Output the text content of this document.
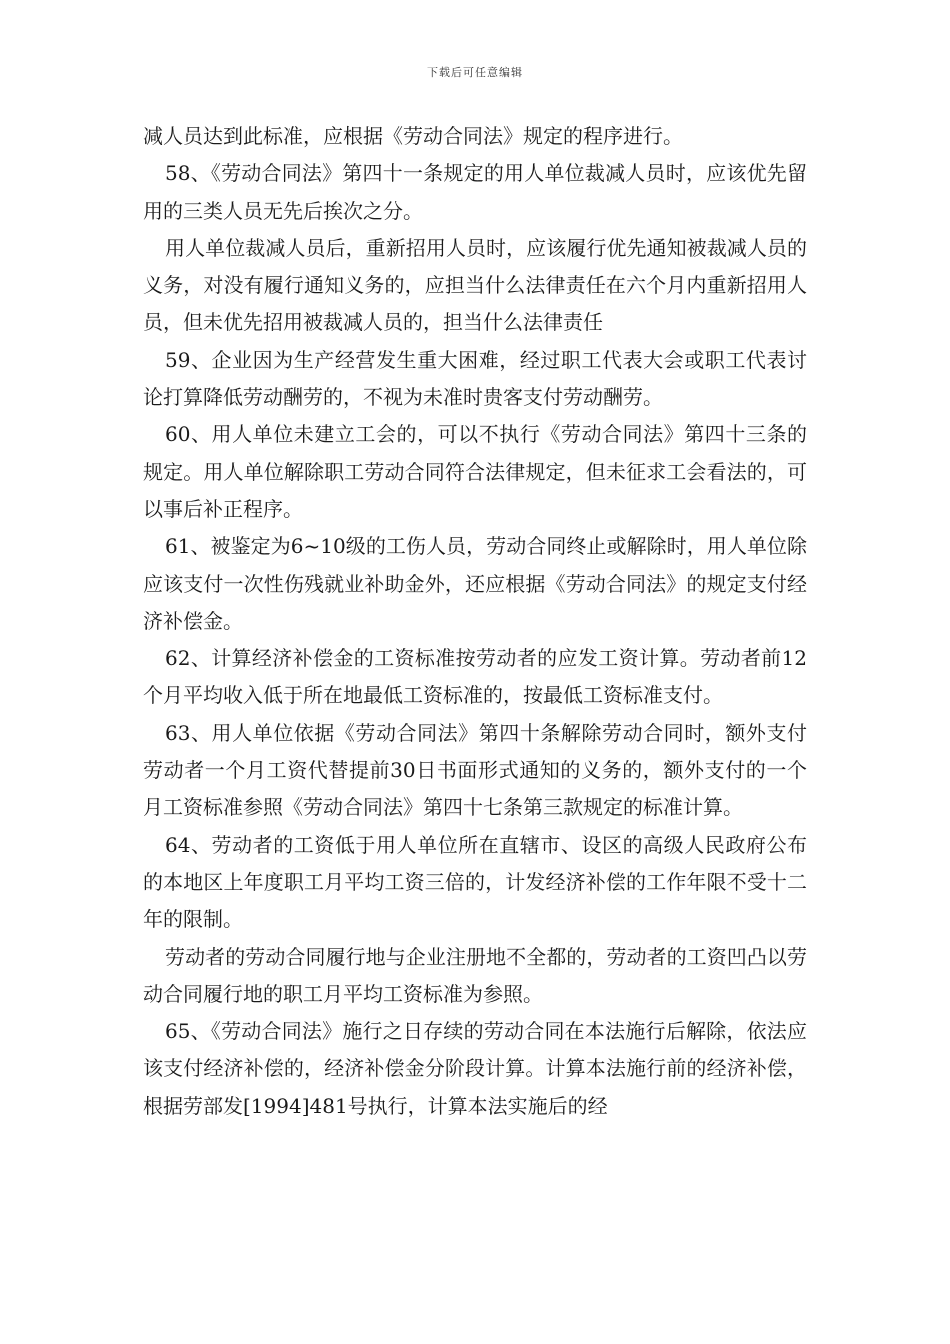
下载后可任意编辑

减人员达到此标准，应根据《劳动合同法》规定的程序进行。

58、《劳动合同法》第四十一条规定的用人单位裁减人员时，应该优先留用的三类人员无先后挨次之分。

用人单位裁减人员后，重新招用人员时，应该履行优先通知被裁减人员的义务，对没有履行通知义务的，应担当什么法律责任在六个月内重新招用人员，但未优先招用被裁减人员的，担当什么法律责任

59、企业因为生产经营发生重大困难，经过职工代表大会或职工代表讨论打算降低劳动酬劳的，不视为未准时贵客支付劳动酬劳。

60、用人单位未建立工会的，可以不执行《劳动合同法》第四十三条的规定。用人单位解除职工劳动合同符合法律规定，但未征求工会看法的，可以事后补正程序。

61、被鉴定为6~10级的工伤人员，劳动合同终止或解除时，用人单位除应该支付一次性伤残就业补助金外，还应根据《劳动合同法》的规定支付经济补偿金。

62、计算经济补偿金的工资标准按劳动者的应发工资计算。劳动者前12个月平均收入低于所在地最低工资标准的，按最低工资标准支付。

63、用人单位依据《劳动合同法》第四十条解除劳动合同时，额外支付劳动者一个月工资代替提前30日书面形式通知的义务的，额外支付的一个月工资标准参照《劳动合同法》第四十七条第三款规定的标准计算。

64、劳动者的工资低于用人单位所在直辖市、设区的高级人民政府公布的本地区上年度职工月平均工资三倍的，计发经济补偿的工作年限不受十二年的限制。

劳动者的劳动合同履行地与企业注册地不全都的，劳动者的工资凹凸以劳动合同履行地的职工月平均工资标准为参照。

65、《劳动合同法》施行之日存续的劳动合同在本法施行后解除，依法应该支付经济补偿的，经济补偿金分阶段计算。计算本法施行前的经济补偿，根据劳部发[1994]481号执行，计算本法实施后的经
